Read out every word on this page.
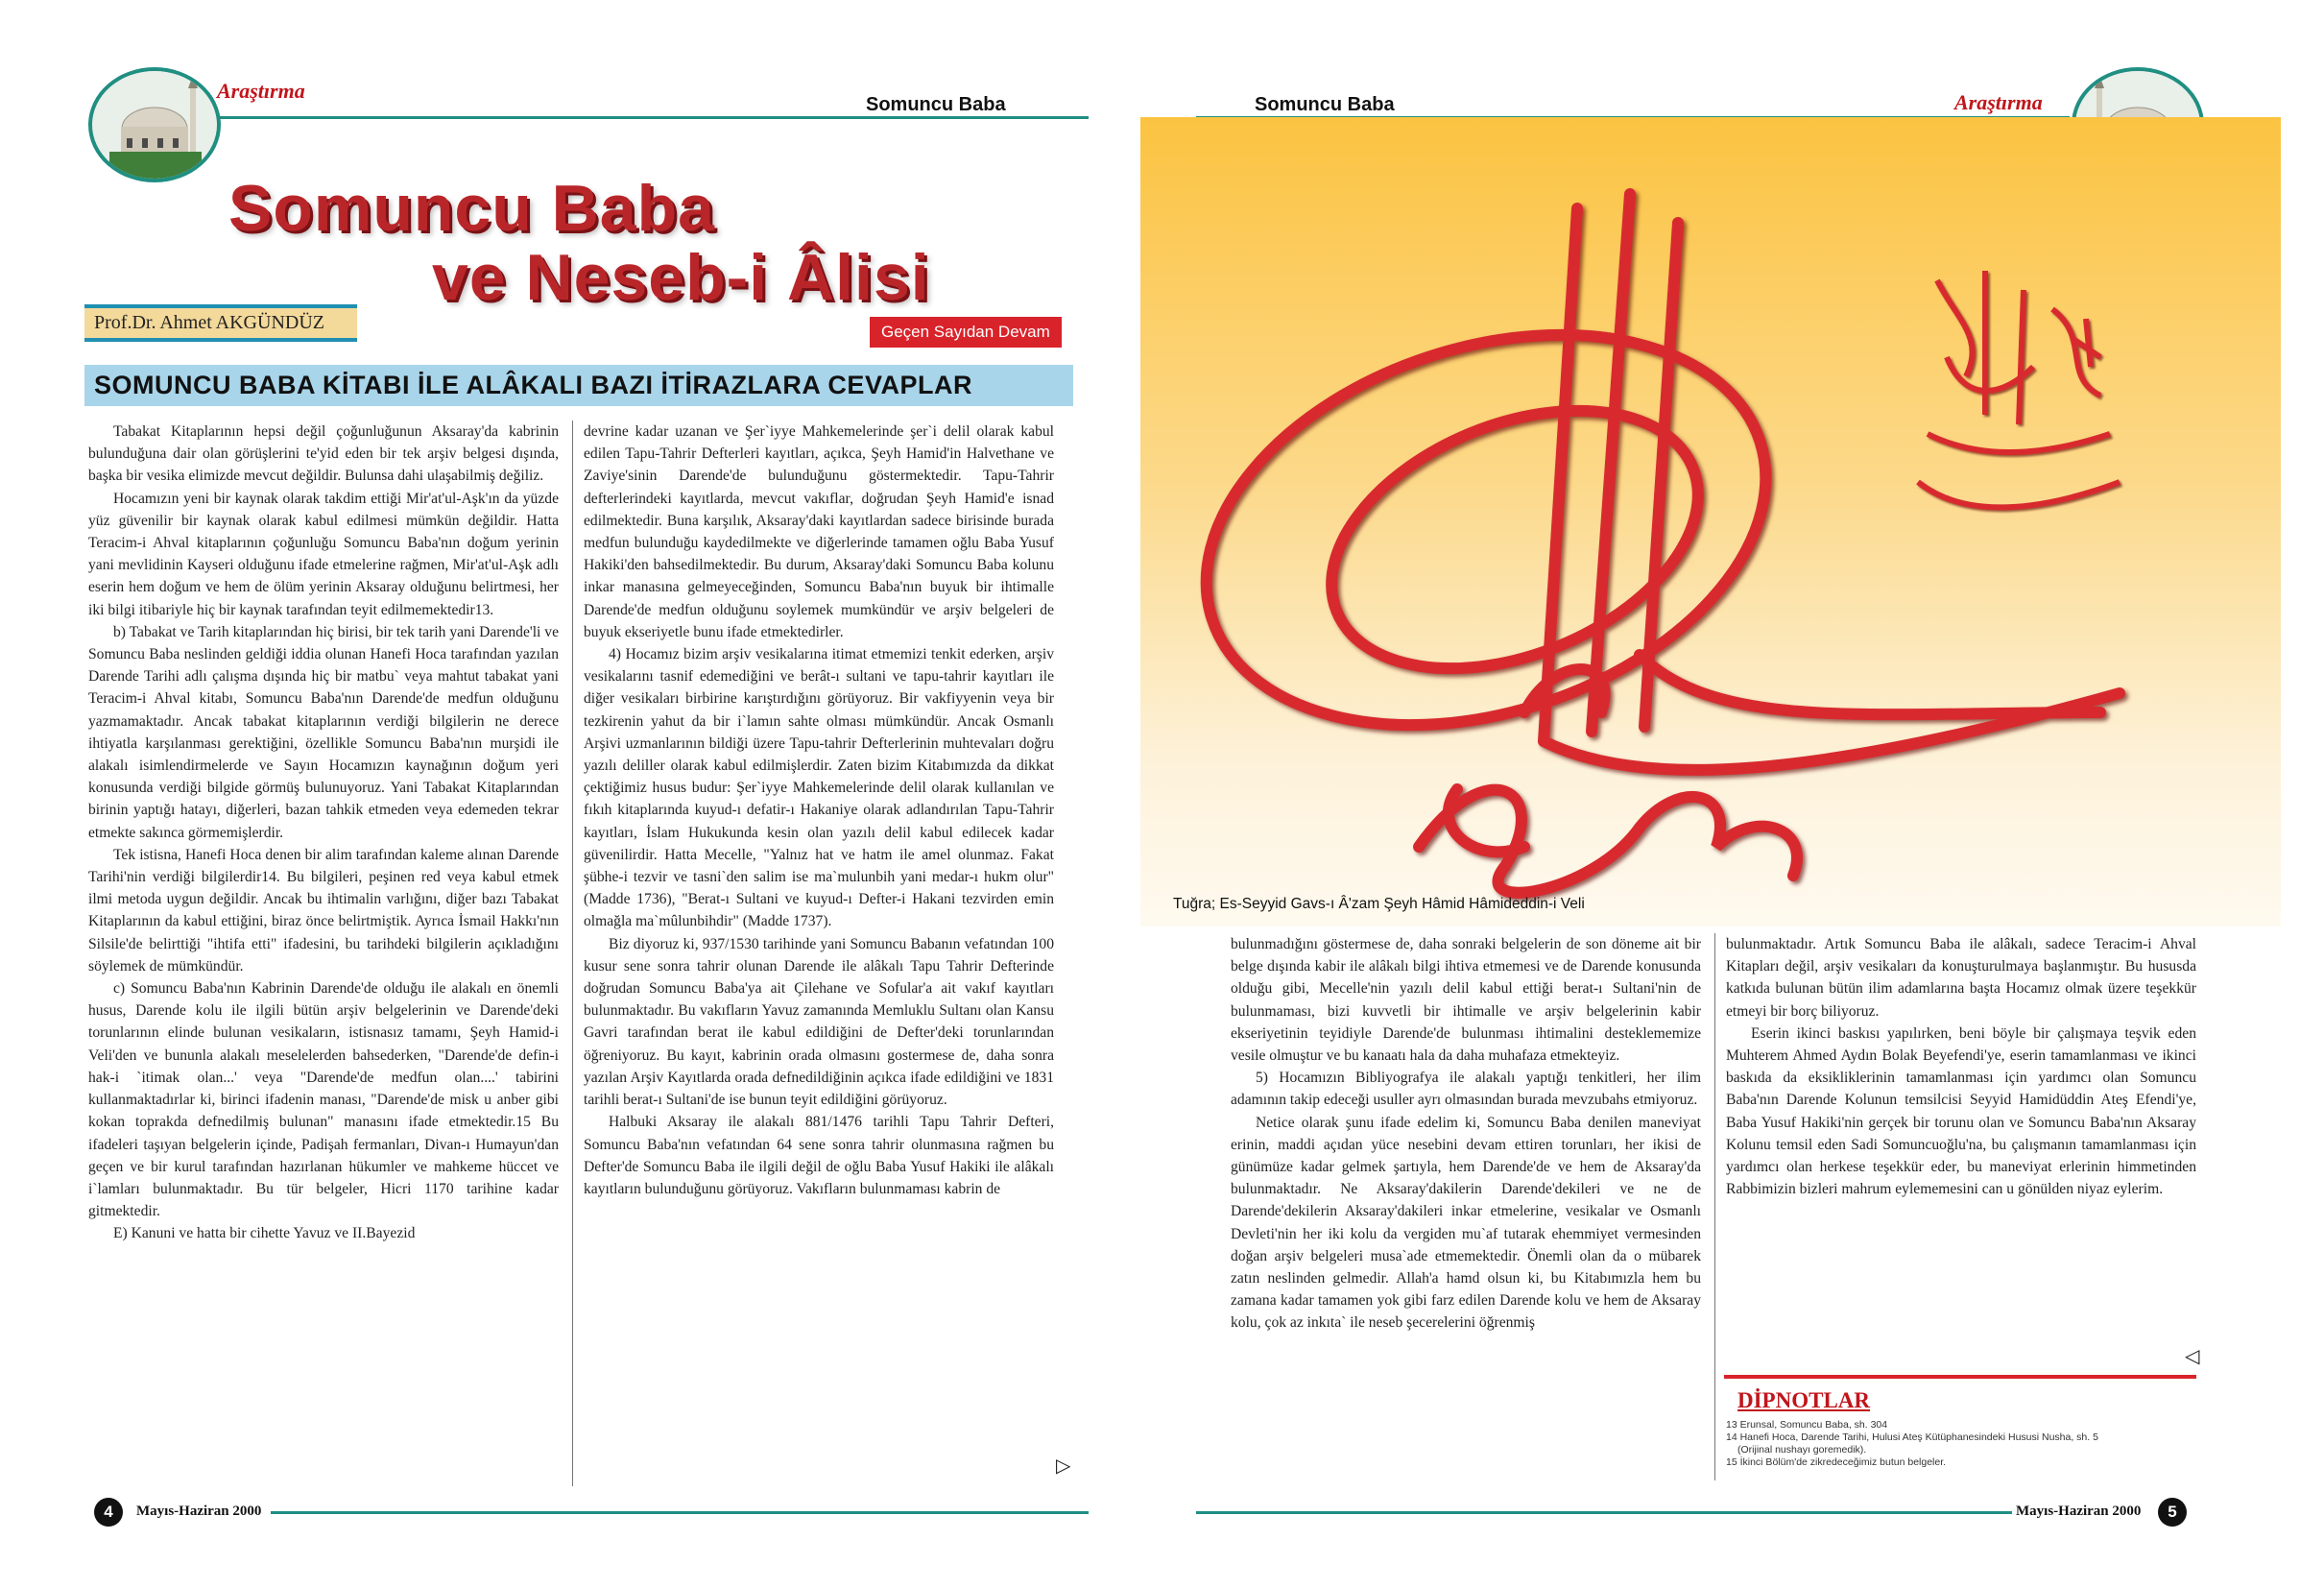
Araştırma
Somuncu Baba
Somuncu Baba
ve Neseb-i Âlisi
Prof.Dr. Ahmet AKGÜNDÜZ	Geçen Sayıdan Devam
SOMUNCU BABA KİTABI İLE ALÂKALI BAZI İTİRAZLARA CEVAPLAR

Tabakat Kitaplarının hepsi değil çoğunluğunun Aksaray'da kabrinin bulunduğuna dair olan görüşlerini te'yid eden bir tek arşiv belgesi dışında, başka bir vesika elimizde mevcut değildir. Bulunsa dahi ulaşabilmiş değiliz.

Hocamızın yeni bir kaynak olarak takdim ettiği Mir'at'ul-Aşk'ın da yüzde yüz güvenilir bir kaynak olarak kabul edilmesi mümkün değildir. Hatta Teracim-i Ahval kitaplarının çoğunluğu Somuncu Baba'nın doğum yerinin yani mevlidinin Kayseri olduğunu ifade etmelerine rağmen, Mir'at'ul-Aşk adlı eserin hem doğum ve hem de ölüm yerinin Aksaray olduğunu belirtmesi, her iki bilgi itibariyle hiç bir kaynak tarafından teyit edilmemektedir13.

b) Tabakat ve Tarih kitaplarından hiç birisi, bir tek tarih yani Darende'li ve Somuncu Baba neslinden geldiği iddia olunan Hanefi Hoca tarafından yazılan Darende Tarihi adlı çalışma dışında hiç bir matbu` veya mahtut tabakat yani Teracim-i Ahval kitabı, Somuncu Baba'nın Darende'de medfun olduğunu yazmamaktadır. Ancak tabakat kitaplarının verdiği bilgilerin ne derece ihtiyatla karşılanması gerektiğini, özellikle Somuncu Baba'nın murşidi ile alakalı isimlendirmelerde ve Sayın Hocamızın kaynağının doğum yeri konusunda verdiği bilgide görmüş bulunuyoruz. Yani Tabakat Kitaplarından birinin yaptığı hatayı, diğerleri, bazan tahkik etmeden veya edemeden tekrar etmekte sakınca görmemişlerdir.

Tek istisna, Hanefi Hoca denen bir alim tarafından kaleme alınan Darende Tarihi'nin verdiği bilgilerdir14. Bu bilgileri, peşinen red veya kabul etmek ilmi metoda uygun değildir. Ancak bu ihtimalin varlığını, diğer bazı Tabakat Kitaplarının da kabul ettiğini, biraz önce belirtmiştik. Ayrıca İsmail Hakkı'nın Silsile'de belirttiği "ihtifa etti" ifadesini, bu tarihdeki bilgilerin açıkladığını söylemek de mümkündür.

c) Somuncu Baba'nın Kabrinin Darende'de olduğu ile alakalı en önemli husus, Darende kolu ile ilgili bütün arşiv belgelerinin ve Darende'deki torunlarının elinde bulunan vesikaların, istisnasız tamamı, Şeyh Hamid-i Veli'den ve bununla alakalı meselelerden bahsederken, "Darende'de defin-i hak-i `itimak olan...' veya "Darende'de medfun olan....' tabirini kullanmaktadırlar ki, birinci ifadenin manası, "Darende'de misk u anber gibi kokan toprakda defnedilmiş bulunan" manasını ifade etmektedir.15 Bu ifadeleri taşıyan belgelerin içinde, Padişah fermanları, Divan-ı Humayun'dan geçen ve bir kurul tarafından hazırlanan hükumler ve mahkeme hüccet ve i`lamları bulunmaktadır. Bu tür belgeler, Hicri 1170 tarihine kadar gitmektedir.

E) Kanuni ve hatta bir cihette Yavuz ve II.Bayezid

devrine kadar uzanan ve Şer`iyye Mahkemelerinde şer`i delil olarak kabul edilen Tapu-Tahrir Defterleri kayıtları, açıkca, Şeyh Hamid'in Halvethane ve Zaviye'sinin Darende'de bulunduğunu göstermektedir. Tapu-Tahrir defterlerindeki kayıtlarda, mevcut vakıflar, doğrudan Şeyh Hamid'e isnad edilmektedir. Buna karşılık, Aksaray'daki kayıtlardan sadece birisinde burada medfun bulunduğu kaydedilmekte ve diğerlerinde tamamen oğlu Baba Yusuf Hakiki'den bahsedilmektedir. Bu durum, Aksaray'daki Somuncu Baba kolunu inkar manasına gelmeyeceğinden, Somuncu Baba'nın buyuk bir ihtimalle Darende'de medfun olduğunu soylemek mumkündür ve arşiv belgeleri de buyuk ekseriyetle bunu ifade etmektedirler.

4) Hocamız bizim arşiv vesikalarına itimat etmemizi tenkit ederken, arşiv vesikalarını tasnif edemediğini ve berât-ı sultani ve tapu-tahrir kayıtları ile diğer vesikaları birbirine karıştırdığını görüyoruz. Bir vakfiyyenin veya bir tezkirenin yahut da bir i`lamın sahte olması mümkündür. Ancak Osmanlı Arşivi uzmanlarının bildiği üzere Tapu-tahrir Defterlerinin muhtevaları doğru yazılı deliller olarak kabul edilmişlerdir. Zaten bizim Kitabımızda da dikkat çektiğimiz husus budur: Şer`iyye Mahkemelerinde delil olarak kullanılan ve fıkıh kitaplarında kuyud-ı defatir-ı Hakaniye olarak adlandırılan Tapu-Tahrir kayıtları, İslam Hukukunda kesin olan yazılı delil kabul edilecek kadar güvenilirdir. Hatta Mecelle, "Yalnız hat ve hatm ile amel olunmaz. Fakat şübhe-i tezvir ve tasni`den salim ise ma`mulunbih yani medar-ı hukm olur" (Madde 1736), "Berat-ı Sultani ve kuyud-ı Defter-i Hakani tezvirden emin olmağla ma`mûlunbihdir" (Madde 1737).

Biz diyoruz ki, 937/1530 tarihinde yani Somuncu Babanın vefatından 100 kusur sene sonra tahrir olunan Darende ile alâkalı Tapu Tahrir Defterinde doğrudan Somuncu Baba'ya ait Çilehane ve Sofular'a ait vakıf kayıtları bulunmaktadır. Bu vakıfların Yavuz zamanında Memluklu Sultanı olan Kansu Gavri tarafından berat ile kabul edildiğini de Defter'deki torunlarından öğreniyoruz. Bu kayıt, kabrinin orada olmasını gostermese de, daha sonra yazılan Arşiv Kayıtlarda orada defnedildiğinin açıkca ifade edildiğini ve 1831 tarihli berat-ı Sultani'de ise bunun teyit edildiğini görüyoruz.

Halbuki Aksaray ile alakalı 881/1476 tarihli Tapu Tahrir Defteri, Somuncu Baba'nın vefatından 64 sene sonra tahrir olunmasına rağmen bu Defter'de Somuncu Baba ile ilgili değil de oğlu Baba Yusuf Hakiki ile alâkalı kayıtların bulunduğunu görüyoruz. Vakıfların bulunmaması kabrin de

▷
4	Mayıs-Haziran 2000
Somuncu Baba	Araştırma
Tuğra; Es-Seyyid Gavs-ı Â'zam Şeyh Hâmid Hâmideddin-i Veli

bulunmadığını göstermese de, daha sonraki belgelerin de son döneme ait bir belge dışında kabir ile alâkalı bilgi ihtiva etmemesi ve de Darende konusunda olduğu gibi, Mecelle'nin yazılı delil kabul ettiği berat-ı Sultani'nin de bulunmaması, bizi kuvvetli bir ihtimalle ve arşiv belgelerinin kabir ekseriyetinin teyidiyle Darende'de bulunması ihtimalini desteklememize vesile olmuştur ve bu kanaatı hala da daha muhafaza etmekteyiz.

5) Hocamızın Bibliyografya ile alakalı yaptığı tenkitleri, her ilim adamının takip edeceği usuller ayrı olmasından burada mevzubahs etmiyoruz.

Netice olarak şunu ifade edelim ki, Somuncu Baba denilen maneviyat erinin, maddi açıdan yüce nesebini devam ettiren torunları, her ikisi de günümüze kadar gelmek şartıyla, hem Darende'de ve hem de Aksaray'da bulunmaktadır. Ne Aksaray'dakilerin Darende'dekileri ve ne de Darende'dekilerin Aksaray'dakileri inkar etmelerine, vesikalar ve Osmanlı Devleti'nin her iki kolu da vergiden mu`af tutarak ehemmiyet vermesinden doğan arşiv belgeleri musa`ade etmemektedir. Önemli olan da o mübarek zatın neslinden gelmedir. Allah'a hamd olsun ki, bu Kitabımızla hem bu zamana kadar tamamen yok gibi farz edilen Darende kolu ve hem de Aksaray kolu, çok az inkıta` ile neseb şecerelerini öğrenmiş

bulunmaktadır. Artık Somuncu Baba ile alâkalı, sadece Teracim-i Ahval Kitapları değil, arşiv vesikaları da konuşturulmaya başlanmıştır. Bu hususda katkıda bulunan bütün ilim adamlarına başta Hocamız olmak üzere teşekkür etmeyi bir borç biliyoruz.

Eserin ikinci baskısı yapılırken, beni böyle bir çalışmaya teşvik eden Muhterem Ahmed Aydın Bolak Beyefendi'ye, eserin tamamlanması ve ikinci baskıda da eksikliklerinin tamamlanması için yardımcı olan Somuncu Baba'nın Darende Kolunun temsilcisi Seyyid Hamidüddin Ateş Efendi'ye, Baba Yusuf Hakiki'nin gerçek bir torunu olan ve Somuncu Baba'nın Aksaray Kolunu temsil eden Sadi Somuncuoğlu'na, bu çalışmanın tamamlanması için yardımcı olan herkese teşekkür eder, bu maneviyat erlerinin himmetinden Rabbimizin bizleri mahrum eylememesini can u gönülden niyaz eylerim.

◁
DİPNOTLAR
13 Erunsal, Somuncu Baba, sh. 304
14 Hanefi Hoca, Darende Tarihi, Hulusi Ateş Kütüphanesindeki Hususi Nusha, sh. 5
(Orijinal nushayı goremedik).
15 İkinci Bölüm'de zikredeceğimiz butun belgeler.
Mayıs-Haziran 2000	5
